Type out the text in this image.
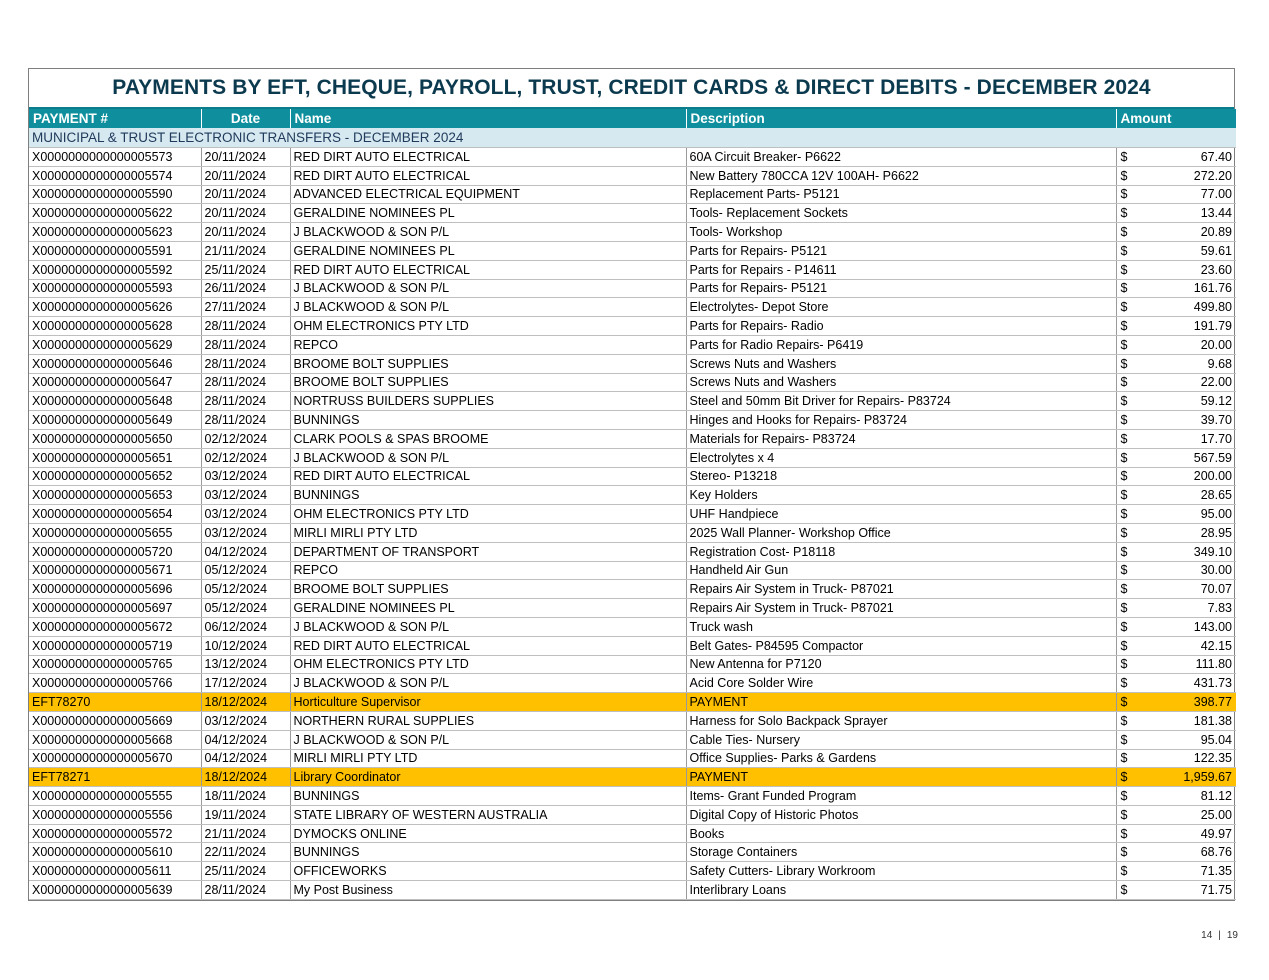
PAYMENTS BY EFT, CHEQUE, PAYROLL, TRUST, CREDIT CARDS & DIRECT DEBITS - DECEMBER 2024
PAYMENT #	Date	Name	Description	Amount
MUNICIPAL & TRUST ELECTRONIC TRANSFERS - DECEMBER 2024				
X0000000000000005573	20/11/2024	RED DIRT AUTO ELECTRICAL	60A Circuit Breaker- P6622	$ 67.40

X0000000000000005574	20/11/2024	RED DIRT AUTO ELECTRICAL	New Battery 780CCA 12V 100AH- P6622	$ 272.20

X0000000000000005590	20/11/2024	ADVANCED ELECTRICAL EQUIPMENT	Replacement Parts- P5121	$ 77.00

X0000000000000005622	20/11/2024	GERALDINE NOMINEES PL	Tools- Replacement Sockets	$ 13.44

X0000000000000005623	20/11/2024	J BLACKWOOD & SON P/L	Tools- Workshop	$ 20.89

X0000000000000005591	21/11/2024	GERALDINE NOMINEES PL	Parts for Repairs- P5121	$ 59.61

X0000000000000005592	25/11/2024	RED DIRT AUTO ELECTRICAL	Parts for Repairs - P14611	$ 23.60

X0000000000000005593	26/11/2024	J BLACKWOOD & SON P/L	Parts for Repairs- P5121	$ 161.76

X0000000000000005626	27/11/2024	J BLACKWOOD & SON P/L	Electrolytes- Depot Store	$ 499.80

X0000000000000005628	28/11/2024	OHM ELECTRONICS PTY LTD	Parts for Repairs- Radio	$ 191.79

X0000000000000005629	28/11/2024	REPCO	Parts for Radio Repairs- P6419	$ 20.00

X0000000000000005646	28/11/2024	BROOME BOLT SUPPLIES	Screws Nuts and Washers	$ 9.68

X0000000000000005647	28/11/2024	BROOME BOLT SUPPLIES	Screws Nuts and Washers	$ 22.00

X0000000000000005648	28/11/2024	NORTRUSS BUILDERS SUPPLIES	Steel and 50mm Bit Driver for Repairs- P83724	$ 59.12

X0000000000000005649	28/11/2024	BUNNINGS	Hinges and Hooks for Repairs- P83724	$ 39.70

X0000000000000005650	02/12/2024	CLARK POOLS & SPAS BROOME	Materials for Repairs- P83724	$ 17.70

X0000000000000005651	02/12/2024	J BLACKWOOD & SON P/L	Electrolytes x 4	$ 567.59

X0000000000000005652	03/12/2024	RED DIRT AUTO ELECTRICAL	Stereo- P13218	$ 200.00

X0000000000000005653	03/12/2024	BUNNINGS	Key Holders	$ 28.65

X0000000000000005654	03/12/2024	OHM ELECTRONICS PTY LTD	UHF Handpiece	$ 95.00

X0000000000000005655	03/12/2024	MIRLI MIRLI PTY LTD	2025 Wall Planner- Workshop Office	$ 28.95

X0000000000000005720	04/12/2024	DEPARTMENT OF TRANSPORT	Registration Cost- P18118	$ 349.10

X0000000000000005671	05/12/2024	REPCO	Handheld Air Gun	$ 30.00

X0000000000000005696	05/12/2024	BROOME BOLT SUPPLIES	Repairs Air System in Truck- P87021	$ 70.07

X0000000000000005697	05/12/2024	GERALDINE NOMINEES PL	Repairs Air System in Truck- P87021	$ 7.83

X0000000000000005672	06/12/2024	J BLACKWOOD & SON P/L	Truck wash	$ 143.00

X0000000000000005719	10/12/2024	RED DIRT AUTO ELECTRICAL	Belt Gates- P84595 Compactor	$ 42.15

X0000000000000005765	13/12/2024	OHM ELECTRONICS PTY LTD	New Antenna for P7120	$ 111.80

X0000000000000005766	17/12/2024	J BLACKWOOD & SON P/L	Acid Core Solder Wire	$ 431.73

EFT78270	18/12/2024	Horticulture Supervisor	PAYMENT	$ 398.77

X0000000000000005669	03/12/2024	NORTHERN RURAL SUPPLIES	Harness for Solo Backpack Sprayer	$ 181.38

X0000000000000005668	04/12/2024	J BLACKWOOD & SON P/L	Cable Ties- Nursery	$ 95.04

X0000000000000005670	04/12/2024	MIRLI MIRLI PTY LTD	Office Supplies- Parks & Gardens	$ 122.35

EFT78271	18/12/2024	Library Coordinator	PAYMENT	$ 1,959.67

X0000000000000005555	18/11/2024	BUNNINGS	Items- Grant Funded Program	$ 81.12

X0000000000000005556	19/11/2024	STATE LIBRARY OF WESTERN AUSTRALIA	Digital Copy of Historic Photos	$ 25.00

X0000000000000005572	21/11/2024	DYMOCKS ONLINE	Books	$ 49.97

X0000000000000005610	22/11/2024	BUNNINGS	Storage Containers	$ 68.76

X0000000000000005611	25/11/2024	OFFICEWORKS	Safety Cutters- Library Workroom	$ 71.35

X0000000000000005639	28/11/2024	My Post Business	Interlibrary Loans	$ 71.75
14 | 19
